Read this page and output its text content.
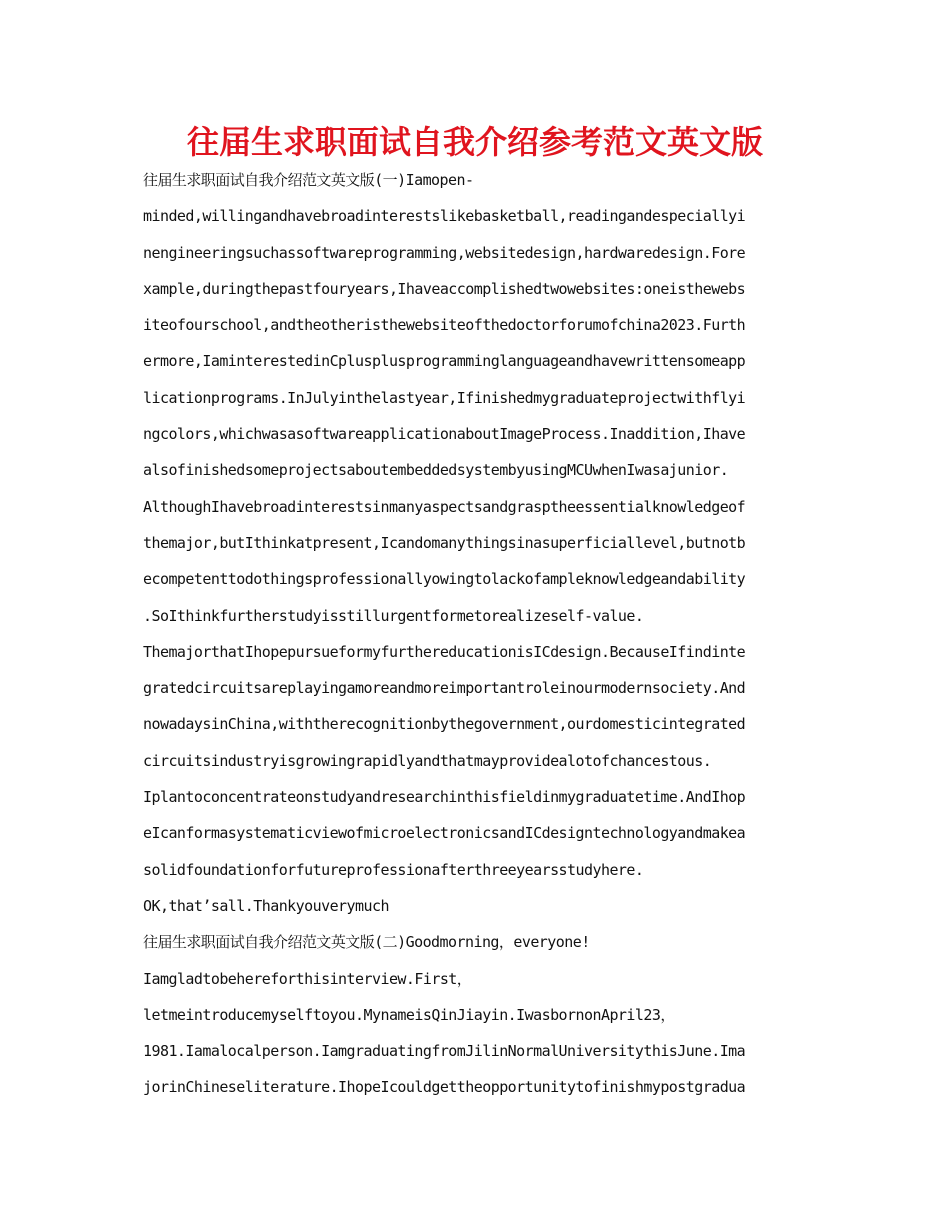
往届生求职面试自我介绍参考范文英文版
往届生求职面试自我介绍范文英文版(一)Iamopen-
minded,willingandhavebroadinterestslikebasketball,readingandespeciallyi
nengineeringsuchassoftwareprogramming,websitedesign,hardwaredesign.Fore
xample,duringthepastfouryears,Ihaveaccomplishedtwowebsites:oneisthewebs
iteofourschool,andtheotheristhewebsiteofthedoctorforumofchina2023.Furth
ermore,IaminterestedinCplusplusprogramminglanguageandhavewrittensomeapp
licationprograms.InJulyinthelastyear,Ifinishedmygraduateprojectwithflyi
ngcolors,whichwasasoftwareapplicationaboutImageProcess.Inaddition,Ihave
alsofinishedsomeprojectsaboutembeddedsystembyusingMCUwhenIwasajunior.
AlthoughIhavebroadinterestsinmanyaspectsandgrasptheessentialknowledgeof
themajor,butIthinkatpresent,Icandomanythingsinasuperficiallevel,butnotb
ecompetenttodothingsprofessionallyowingtolackofampleknowledgeandability
.SoIthinkfurtherstudyisstillurgentformetorealizeself-value.
ThemajorthatIhopepursueformyfurthereducationisICdesign.BecauseIfindinte
gratedcircuitsareplayingamoreandmoreimportantroleinourmodernsociety.And
nowadaysinChina,withtherecognitionbythegovernment,ourdomesticintegrated
circuitsindustryisgrowingrapidlyandthatmayprovidealotofchancestous.
Iplantoconcentrateonstudyandresearchinthisfieldinmygraduatetime.AndIhop
eIcanformasystematicviewofmicroelectronicsandICdesigntechnologyandmakea
solidfoundationforfutureprofessionafterthreeyearsstudyhere.
OK,that’sall.Thankyouverymuch
往届生求职面试自我介绍范文英文版(二)Goodmorning，everyone!
Iamgladtobehereforthisinterview.First，
letmeintroducemyselftoyou.MynameisQinJiayin.IwasbornonApril23，
1981.Iamalocalperson.IamgraduatingfromJilinNormalUniversitythisJune.Ima
jorinChineseliterature.IhopeIcouldgettheopportunitytofinishmypostgradua
